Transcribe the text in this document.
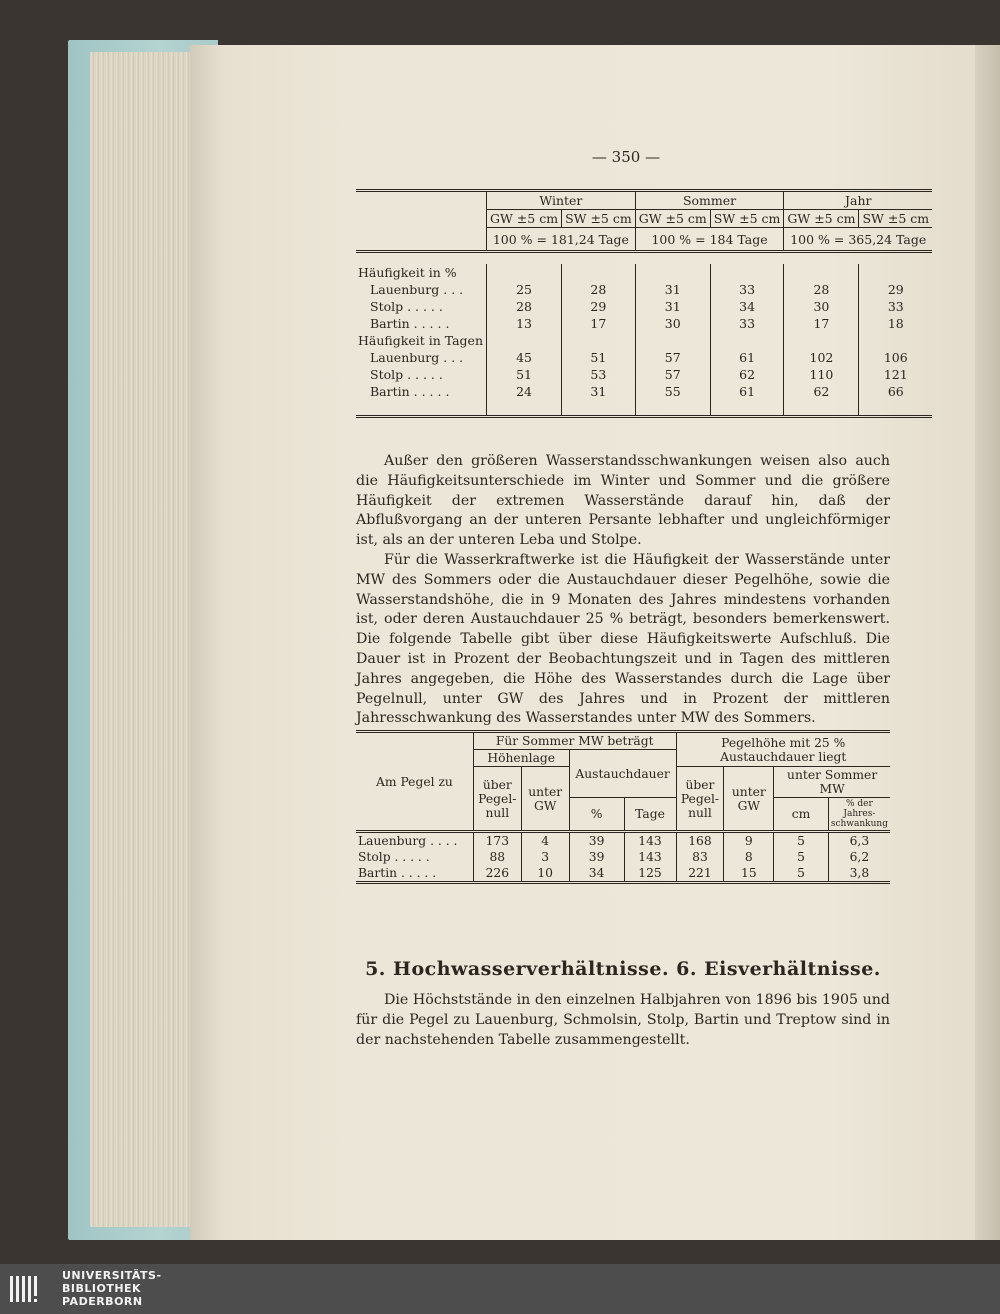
— 350 —
	Winter		Sommer		Jahr	
	GW ±5 cm	SW ±5 cm	GW ±5 cm	SW ±5 cm	GW ±5 cm	SW ±5 cm
	100 % = 181,24 Tage		100 % = 184 Tage		100 % = 365,24 Tage	

Häufigkeit in %						
Lauenburg . . .	25	28	31	33	28	29
Stolp . . . . .	28	29	31	34	30	33
Bartin . . . . .	13	17	30	33	17	18
Häufigkeit in Tagen						
Lauenburg . . .	45	51	57	61	102	106
Stolp . . . . .	51	53	57	62	110	121
Bartin . . . . .	24	31	55	61	62	66

Außer den größeren Wasserstandsschwankungen weisen also auch die Häufigkeitsunterschiede im Winter und Sommer und die größere Häufigkeit der extremen Wasserstände darauf hin, daß der Abflußvorgang an der unteren Persante lebhafter und ungleichförmiger ist, als an der unteren Leba und Stolpe.

Für die Wasserkraftwerke ist die Häufigkeit der Wasserstände unter MW des Sommers oder die Austauchdauer dieser Pegelhöhe, sowie die Wasserstandshöhe, die in 9 Monaten des Jahres mindestens vorhanden ist, oder deren Austauchdauer 25 % beträgt, besonders bemerkenswert. Die folgende Tabelle gibt über diese Häufigkeitswerte Aufschluß. Die Dauer ist in Prozent der Beobachtungszeit und in Tagen des mittleren Jahres angegeben, die Höhe des Wasserstandes durch die Lage über Pegelnull, unter GW des Jahres und in Prozent der mittleren Jahresschwankung des Wasserstandes unter MW des Sommers.

Am Pegel zu	Für Sommer MW beträgt				Pegelhöhe mit 25 % Austauchdauer liegt			
	Höhenlage		Austauchdauer					
	über Pegel-null	unter GW			über Pegel-null	unter GW	unter Sommer MW	
			%	Tage			cm	% der Jahres-schwankung
Lauenburg . . . .	173	4	39	143	168	9	5	6,3
Stolp . . . . .	88	3	39	143	83	8	5	6,2
Bartin . . . . .	226	10	34	125	221	15	5	3,8
5. Hochwasserverhältnisse. 6. Eisverhältnisse.

Die Höchststände in den einzelnen Halbjahren von 1896 bis 1905 und für die Pegel zu Lauenburg, Schmolsin, Stolp, Bartin und Treptow sind in der nachstehenden Tabelle zusammengestellt.

UNIVERSITÄTS-
BIBLIOTHEK
PADERBORN
